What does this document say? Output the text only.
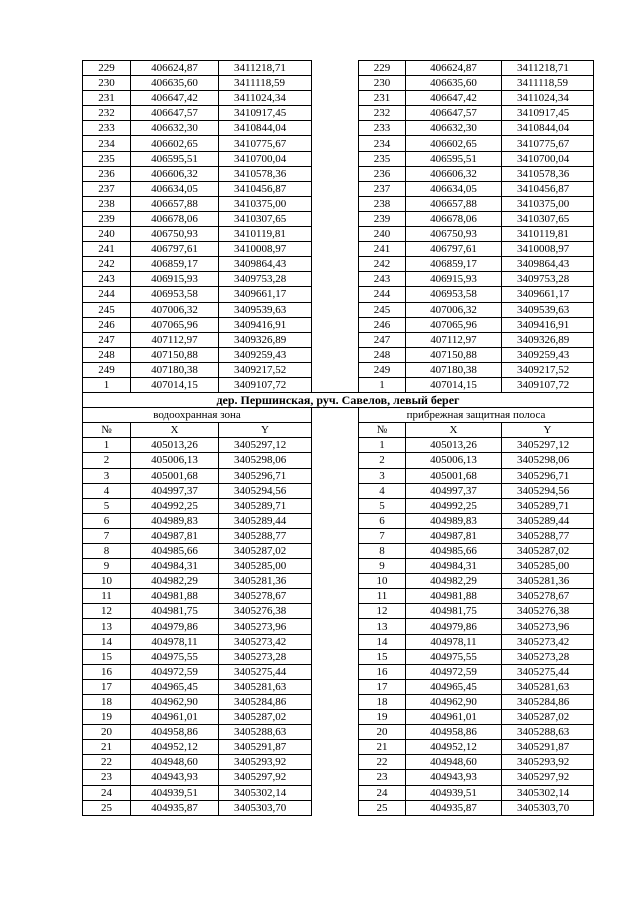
229	406624,87	3411218,71		229	406624,87	3411218,71
230	406635,60	3411118,59		230	406635,60	3411118,59
231	406647,42	3411024,34		231	406647,42	3411024,34
232	406647,57	3410917,45		232	406647,57	3410917,45
233	406632,30	3410844,04		233	406632,30	3410844,04
234	406602,65	3410775,67		234	406602,65	3410775,67
235	406595,51	3410700,04		235	406595,51	3410700,04
236	406606,32	3410578,36		236	406606,32	3410578,36
237	406634,05	3410456,87		237	406634,05	3410456,87
238	406657,88	3410375,00		238	406657,88	3410375,00
239	406678,06	3410307,65		239	406678,06	3410307,65
240	406750,93	3410119,81		240	406750,93	3410119,81
241	406797,61	3410008,97		241	406797,61	3410008,97
242	406859,17	3409864,43		242	406859,17	3409864,43
243	406915,93	3409753,28		243	406915,93	3409753,28
244	406953,58	3409661,17		244	406953,58	3409661,17
245	407006,32	3409539,63		245	407006,32	3409539,63
246	407065,96	3409416,91		246	407065,96	3409416,91
247	407112,97	3409326,89		247	407112,97	3409326,89
248	407150,88	3409259,43		248	407150,88	3409259,43
249	407180,38	3409217,52		249	407180,38	3409217,52
1	407014,15	3409107,72		1	407014,15	3409107,72
дер. Першинская, руч. Савелов, левый берег						
водоохранная зона				прибрежная защитная полоса		
№	X	Y		№	X	Y
1	405013,26	3405297,12		1	405013,26	3405297,12
2	405006,13	3405298,06		2	405006,13	3405298,06
3	405001,68	3405296,71		3	405001,68	3405296,71
4	404997,37	3405294,56		4	404997,37	3405294,56
5	404992,25	3405289,71		5	404992,25	3405289,71
6	404989,83	3405289,44		6	404989,83	3405289,44
7	404987,81	3405288,77		7	404987,81	3405288,77
8	404985,66	3405287,02		8	404985,66	3405287,02
9	404984,31	3405285,00		9	404984,31	3405285,00
10	404982,29	3405281,36		10	404982,29	3405281,36
11	404981,88	3405278,67		11	404981,88	3405278,67
12	404981,75	3405276,38		12	404981,75	3405276,38
13	404979,86	3405273,96		13	404979,86	3405273,96
14	404978,11	3405273,42		14	404978,11	3405273,42
15	404975,55	3405273,28		15	404975,55	3405273,28
16	404972,59	3405275,44		16	404972,59	3405275,44
17	404965,45	3405281,63		17	404965,45	3405281,63
18	404962,90	3405284,86		18	404962,90	3405284,86
19	404961,01	3405287,02		19	404961,01	3405287,02
20	404958,86	3405288,63		20	404958,86	3405288,63
21	404952,12	3405291,87		21	404952,12	3405291,87
22	404948,60	3405293,92		22	404948,60	3405293,92
23	404943,93	3405297,92		23	404943,93	3405297,92
24	404939,51	3405302,14		24	404939,51	3405302,14
25	404935,87	3405303,70		25	404935,87	3405303,70
